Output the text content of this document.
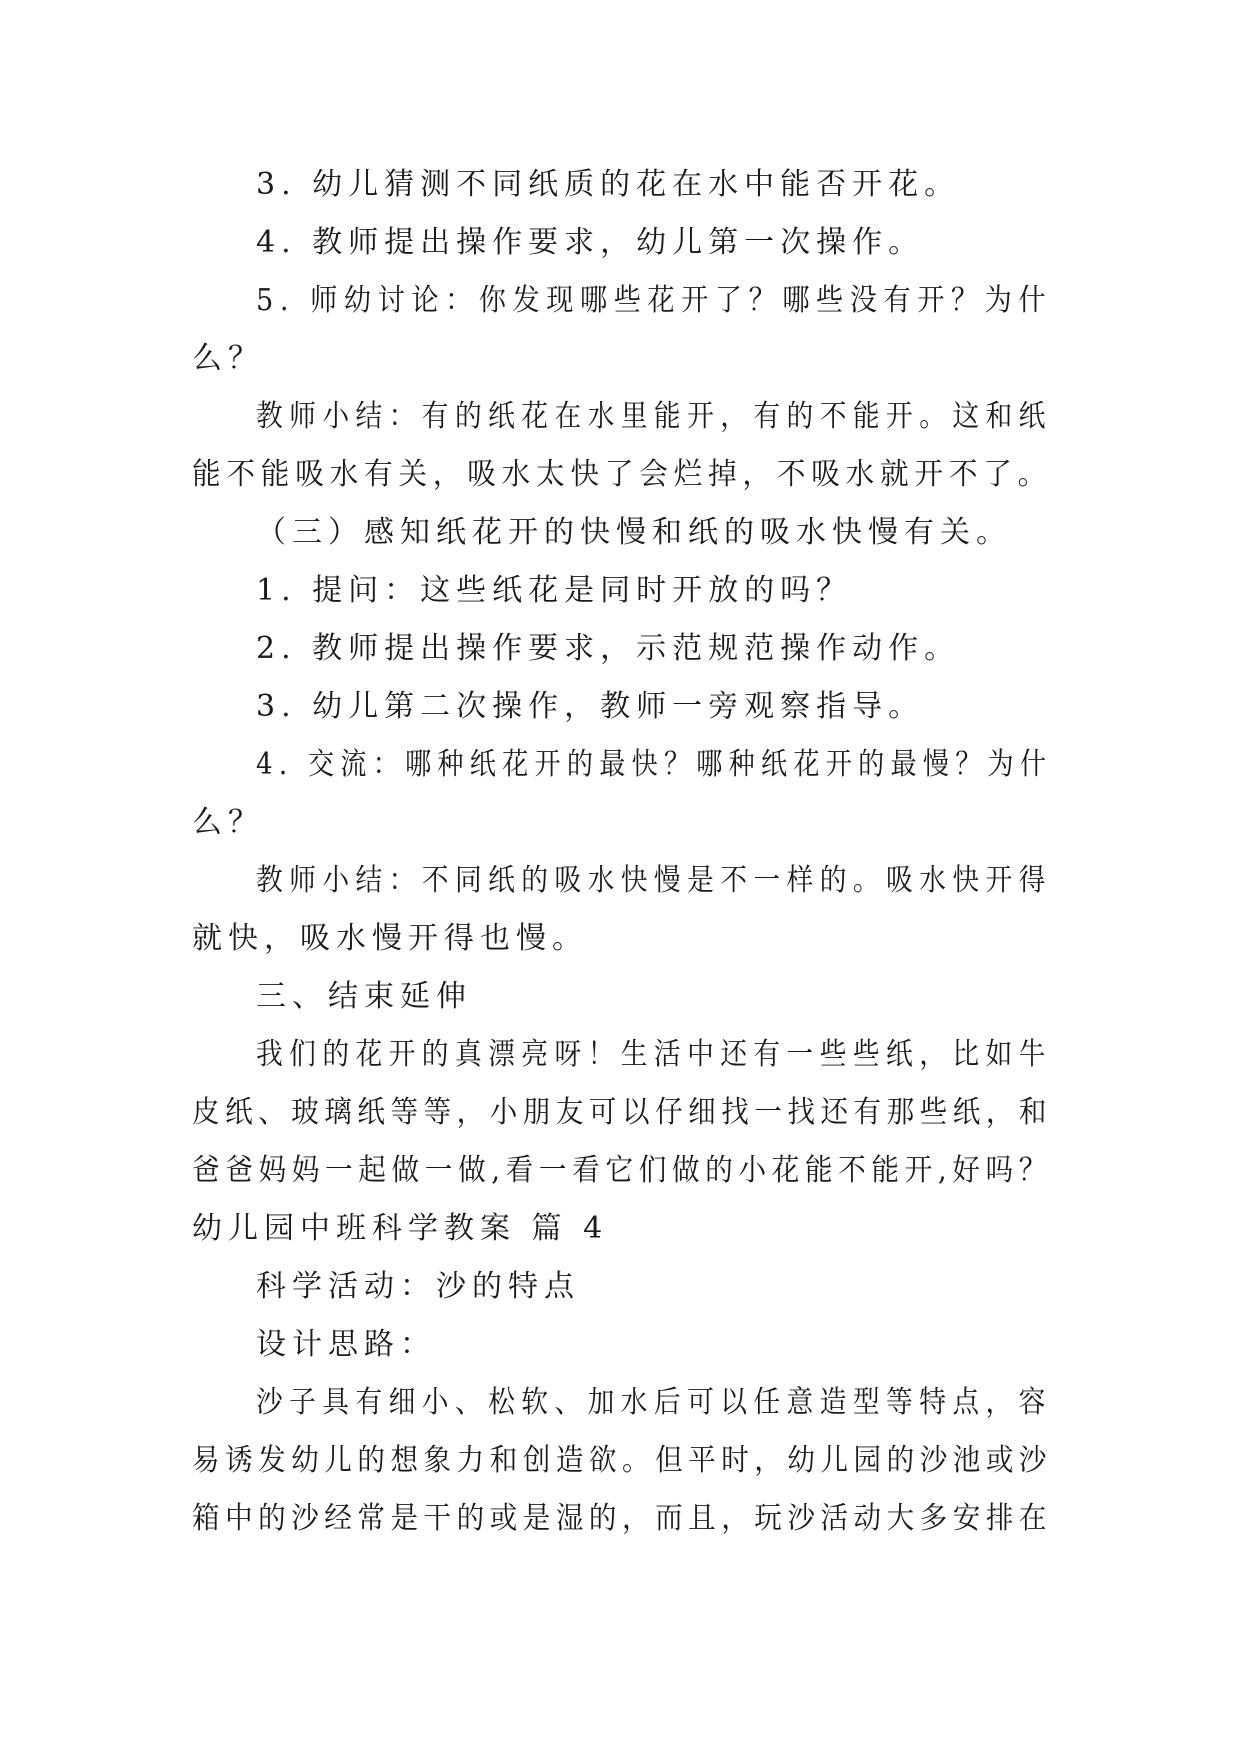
3. 幼儿猜测不同纸质的花在水中能否开花。

4. 教师提出操作要求，幼儿第一次操作。

5. 师幼讨论：你发现哪些花开了？哪些没有开？为什

么？

教师小结：有的纸花在水里能开，有的不能开。这和纸

能不能吸水有关，吸水太快了会烂掉，不吸水就开不了。

（三）感知纸花开的快慢和纸的吸水快慢有关。

1. 提问：这些纸花是同时开放的吗？

2. 教师提出操作要求，示范规范操作动作。

3. 幼儿第二次操作，教师一旁观察指导。

4. 交流：哪种纸花开的最快？哪种纸花开的最慢？为什

么？

教师小结：不同纸的吸水快慢是不一样的。吸水快开得

就快，吸水慢开得也慢。

三、结束延伸

我们的花开的真漂亮呀！生活中还有一些些纸，比如牛

皮纸、玻璃纸等等，小朋友可以仔细找一找还有那些纸，和

爸爸妈妈一起做一做,看一看它们做的小花能不能开,好吗？

幼儿园中班科学教案 篇 4

科学活动：沙的特点

设计思路：

沙子具有细小、松软、加水后可以任意造型等特点，容

易诱发幼儿的想象力和创造欲。但平时，幼儿园的沙池或沙

箱中的沙经常是干的或是湿的，而且，玩沙活动大多安排在
